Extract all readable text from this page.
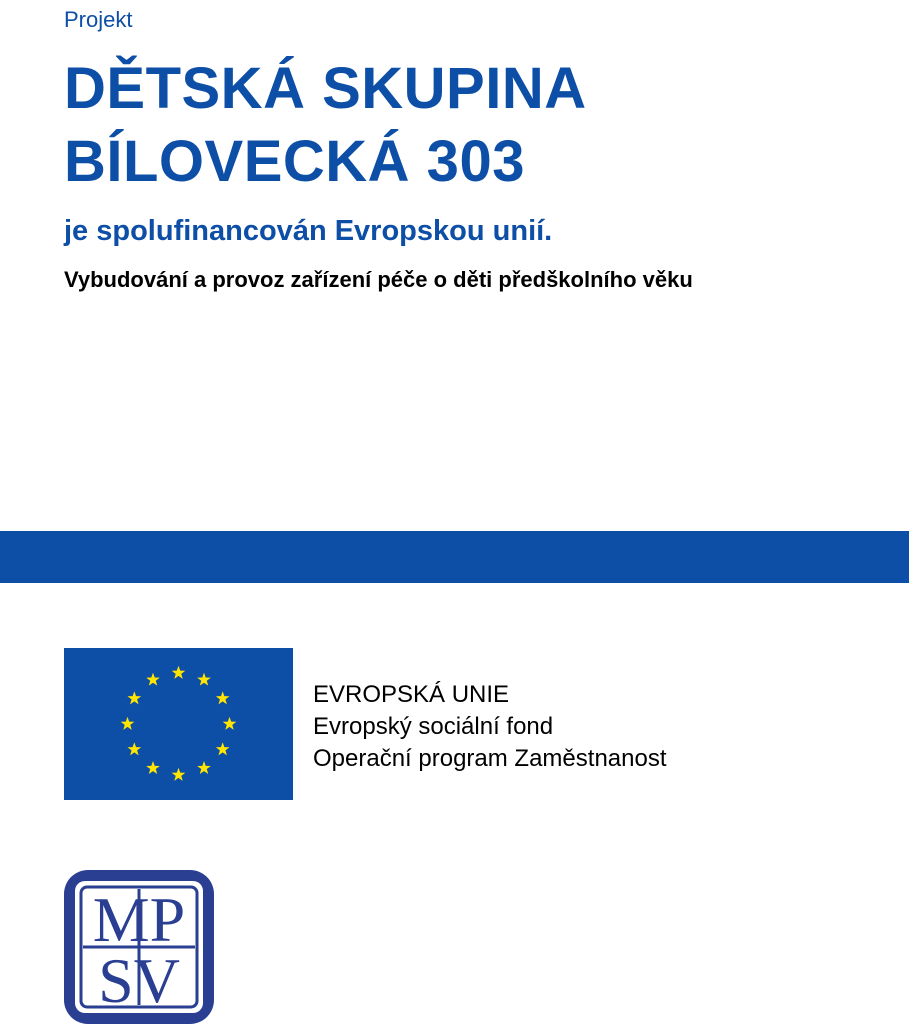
Projekt
DĚTSKÁ SKUPINA
BÍLOVECKÁ 303
je spolufinancován Evropskou unií.
Vybudování a provoz zařízení péče o děti předškolního věku
EVROPSKÁ UNIE
Evropský sociální fond
Operační program Zaměstnanost
MP
SV
